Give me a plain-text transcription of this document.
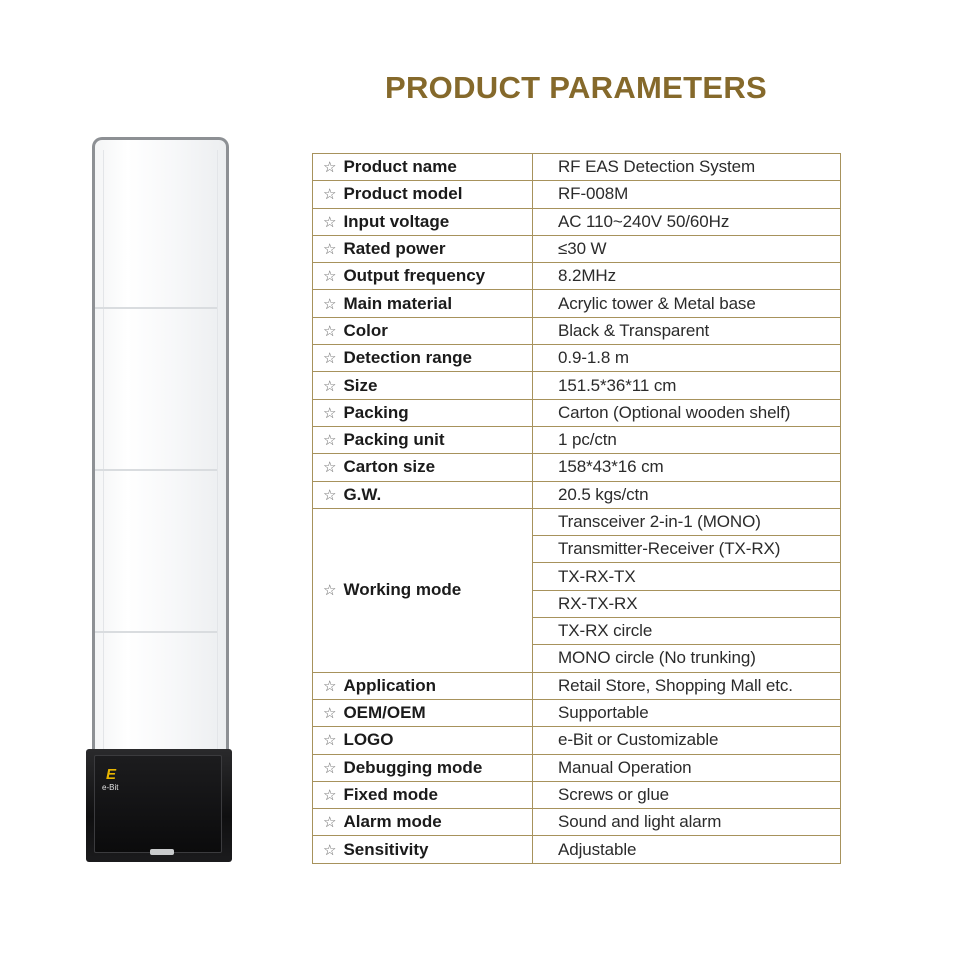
PRODUCT PARAMETERS
E
e-Bit
☆ Product name	RF EAS Detection System
☆ Product model	RF-008M
☆ Input voltage	AC 110~240V 50/60Hz
☆ Rated power	≤30 W
☆ Output frequency	8.2MHz
☆ Main material	Acrylic tower & Metal base
☆ Color	Black & Transparent
☆ Detection range	0.9-1.8 m
☆ Size	151.5*36*11 cm
☆ Packing	Carton (Optional wooden shelf)
☆ Packing unit	1 pc/ctn
☆ Carton size	158*43*16 cm
☆ G.W.	20.5 kgs/ctn
☆ Working mode	Transceiver 2-in-1 (MONO)
	Transmitter-Receiver (TX-RX)
	TX-RX-TX
	RX-TX-RX
	TX-RX circle
	MONO circle (No trunking)
☆ Application	Retail Store, Shopping Mall etc.
☆ OEM/OEM	Supportable
☆ LOGO	e-Bit or Customizable
☆ Debugging mode	Manual Operation
☆ Fixed mode	Screws or glue
☆ Alarm mode	Sound and light alarm
☆ Sensitivity	Adjustable
